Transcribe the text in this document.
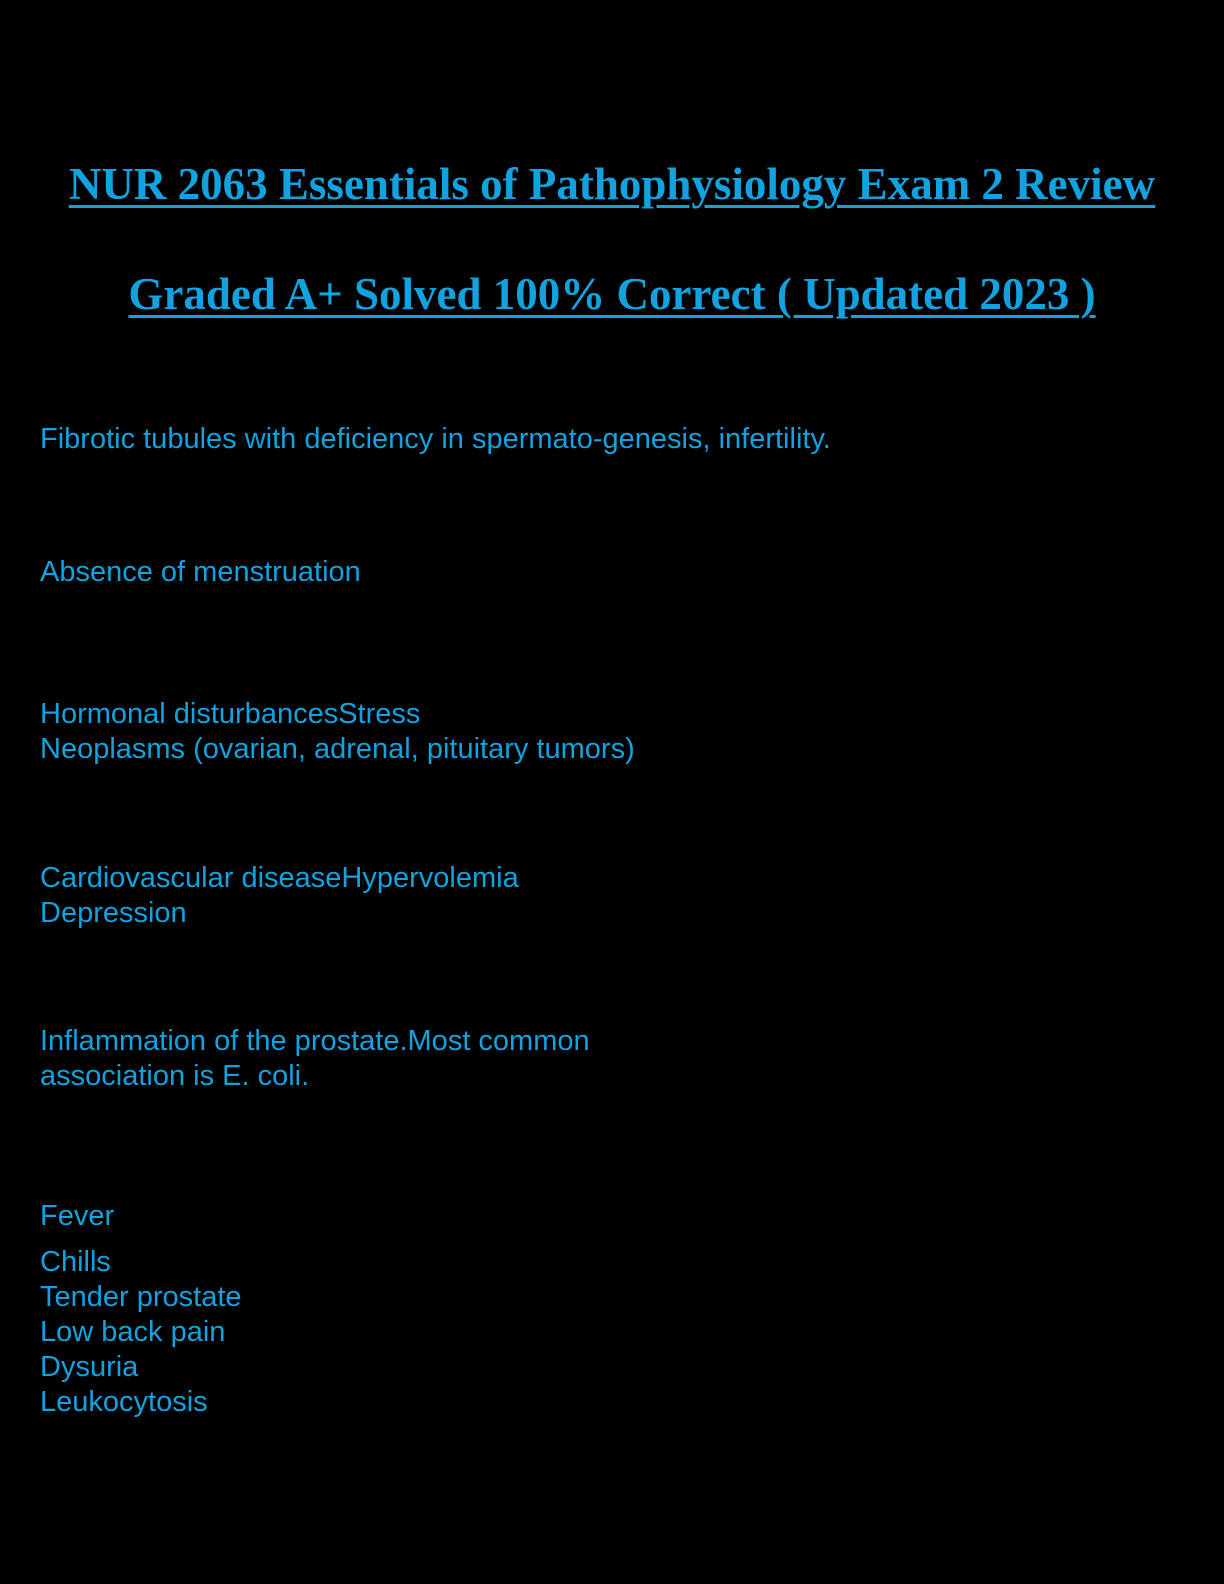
NUR 2063 Essentials of Pathophysiology Exam 2 Review
Graded A+ Solved 100% Correct ( Updated 2023 )
Fibrotic tubules with deficiency in spermato-genesis, infertility.
Absence of menstruation
Hormonal disturbancesStress
Neoplasms (ovarian, adrenal, pituitary tumors)
Cardiovascular diseaseHypervolemia
Depression
Inflammation of the prostate.Most common
association is E. coli.
Fever
Chills
Tender prostate
Low back pain
Dysuria
Leukocytosis
